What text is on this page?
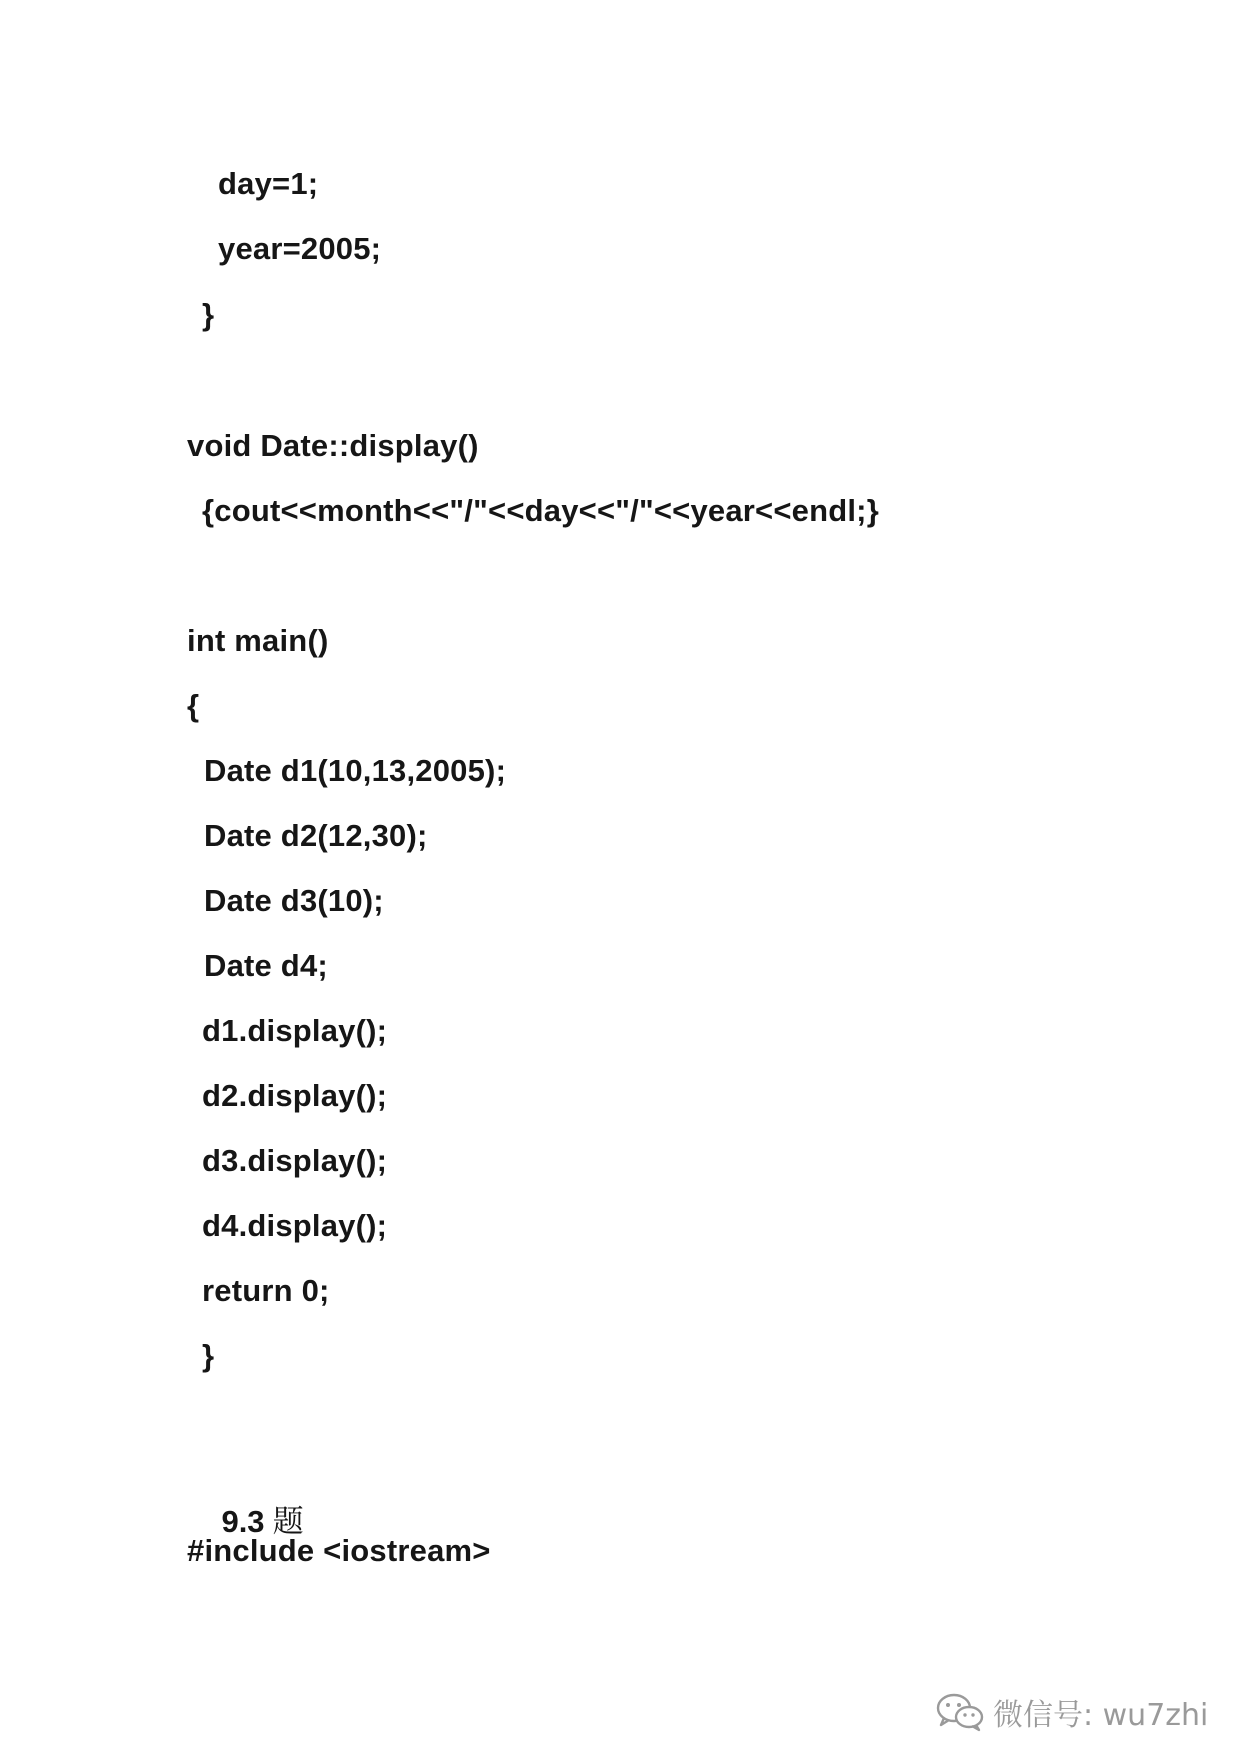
day=1;
year=2005;
}
void Date::display()
{cout<<month<<"/"<<day<<"/"<<year<<endl;}
int main()
{
Date d1(10,13,2005);
Date d2(12,30);
Date d3(10);
Date d4;
d1.display();
d2.display();
d3.display();
d4.display();
return 0;
}

9.3 题

#include <iostream>
微信号: wu7zhi
